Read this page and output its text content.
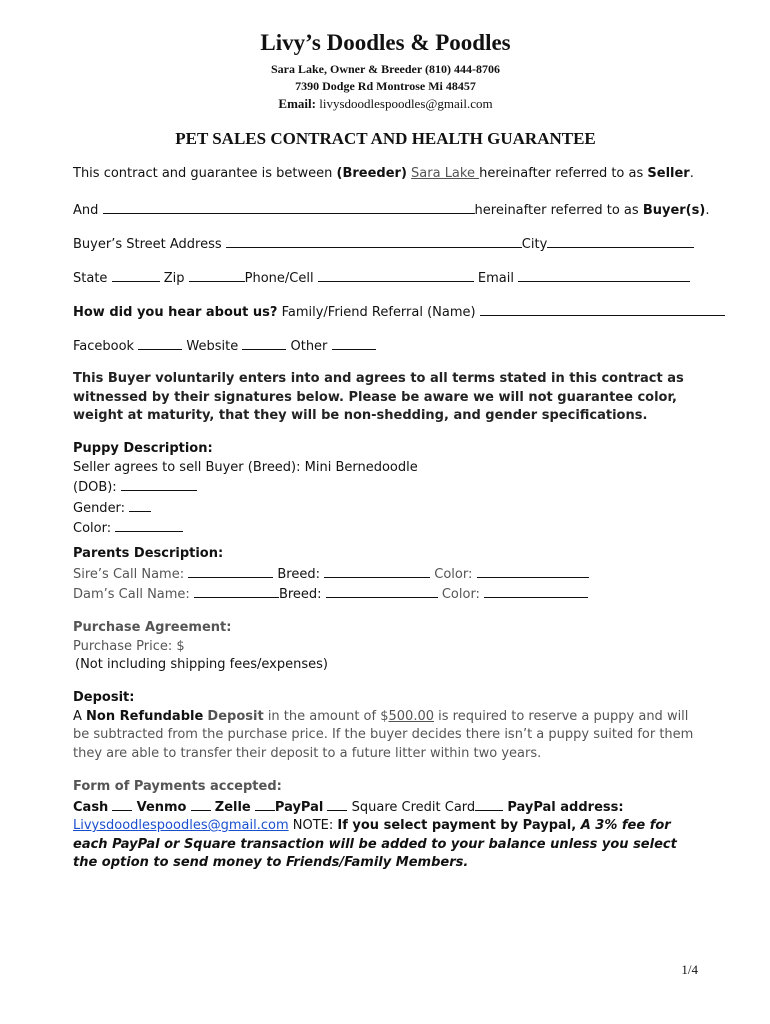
Livy’s Doodles & Poodles
Sara Lake, Owner & Breeder (810) 444-8706
7390 Dodge Rd Montrose Mi 48457
Email: livysdoodlespoodles@gmail.com
PET SALES CONTRACT AND HEALTH GUARANTEE
This contract and guarantee is between (Breeder) Sara Lake hereinafter referred to as Seller.
And	hereinafter referred to as Buyer(s).
Buyer’s Street Address	City
State	Zip	Phone/Cell	Email
How did you hear about us? Family/Friend Referral (Name)
Facebook	Website	Other
This Buyer voluntarily enters into and agrees to all terms stated in this contract as witnessed by their signatures below. Please be aware we will not guarantee color, weight at maturity, that they will be non-shedding, and gender specifications.
Puppy Description:
Seller agrees to sell Buyer (Breed): Mini Bernedoodle
(DOB):
Gender:
Color:
Parents Description:
Sire’s Call Name:	Breed:	Color:
Dam’s Call Name:	Breed:	Color:
Purchase Agreement:
Purchase Price: $
(Not including shipping fees/expenses)
Deposit:
A Non Refundable Deposit in the amount of $500.00 is required to reserve a puppy and will be subtracted from the purchase price. If the buyer decides there isn’t a puppy suited for them they are able to transfer their deposit to a future litter within two years.
Form of Payments accepted:
Cash Venmo Zelle PayPal Square Credit Card PayPal address:
Livysdoodlespoodles@gmail.com NOTE: If you select payment by Paypal, A 3% fee for each PayPal or Square transaction will be added to your balance unless you select the option to send money to Friends/Family Members.
1/4
